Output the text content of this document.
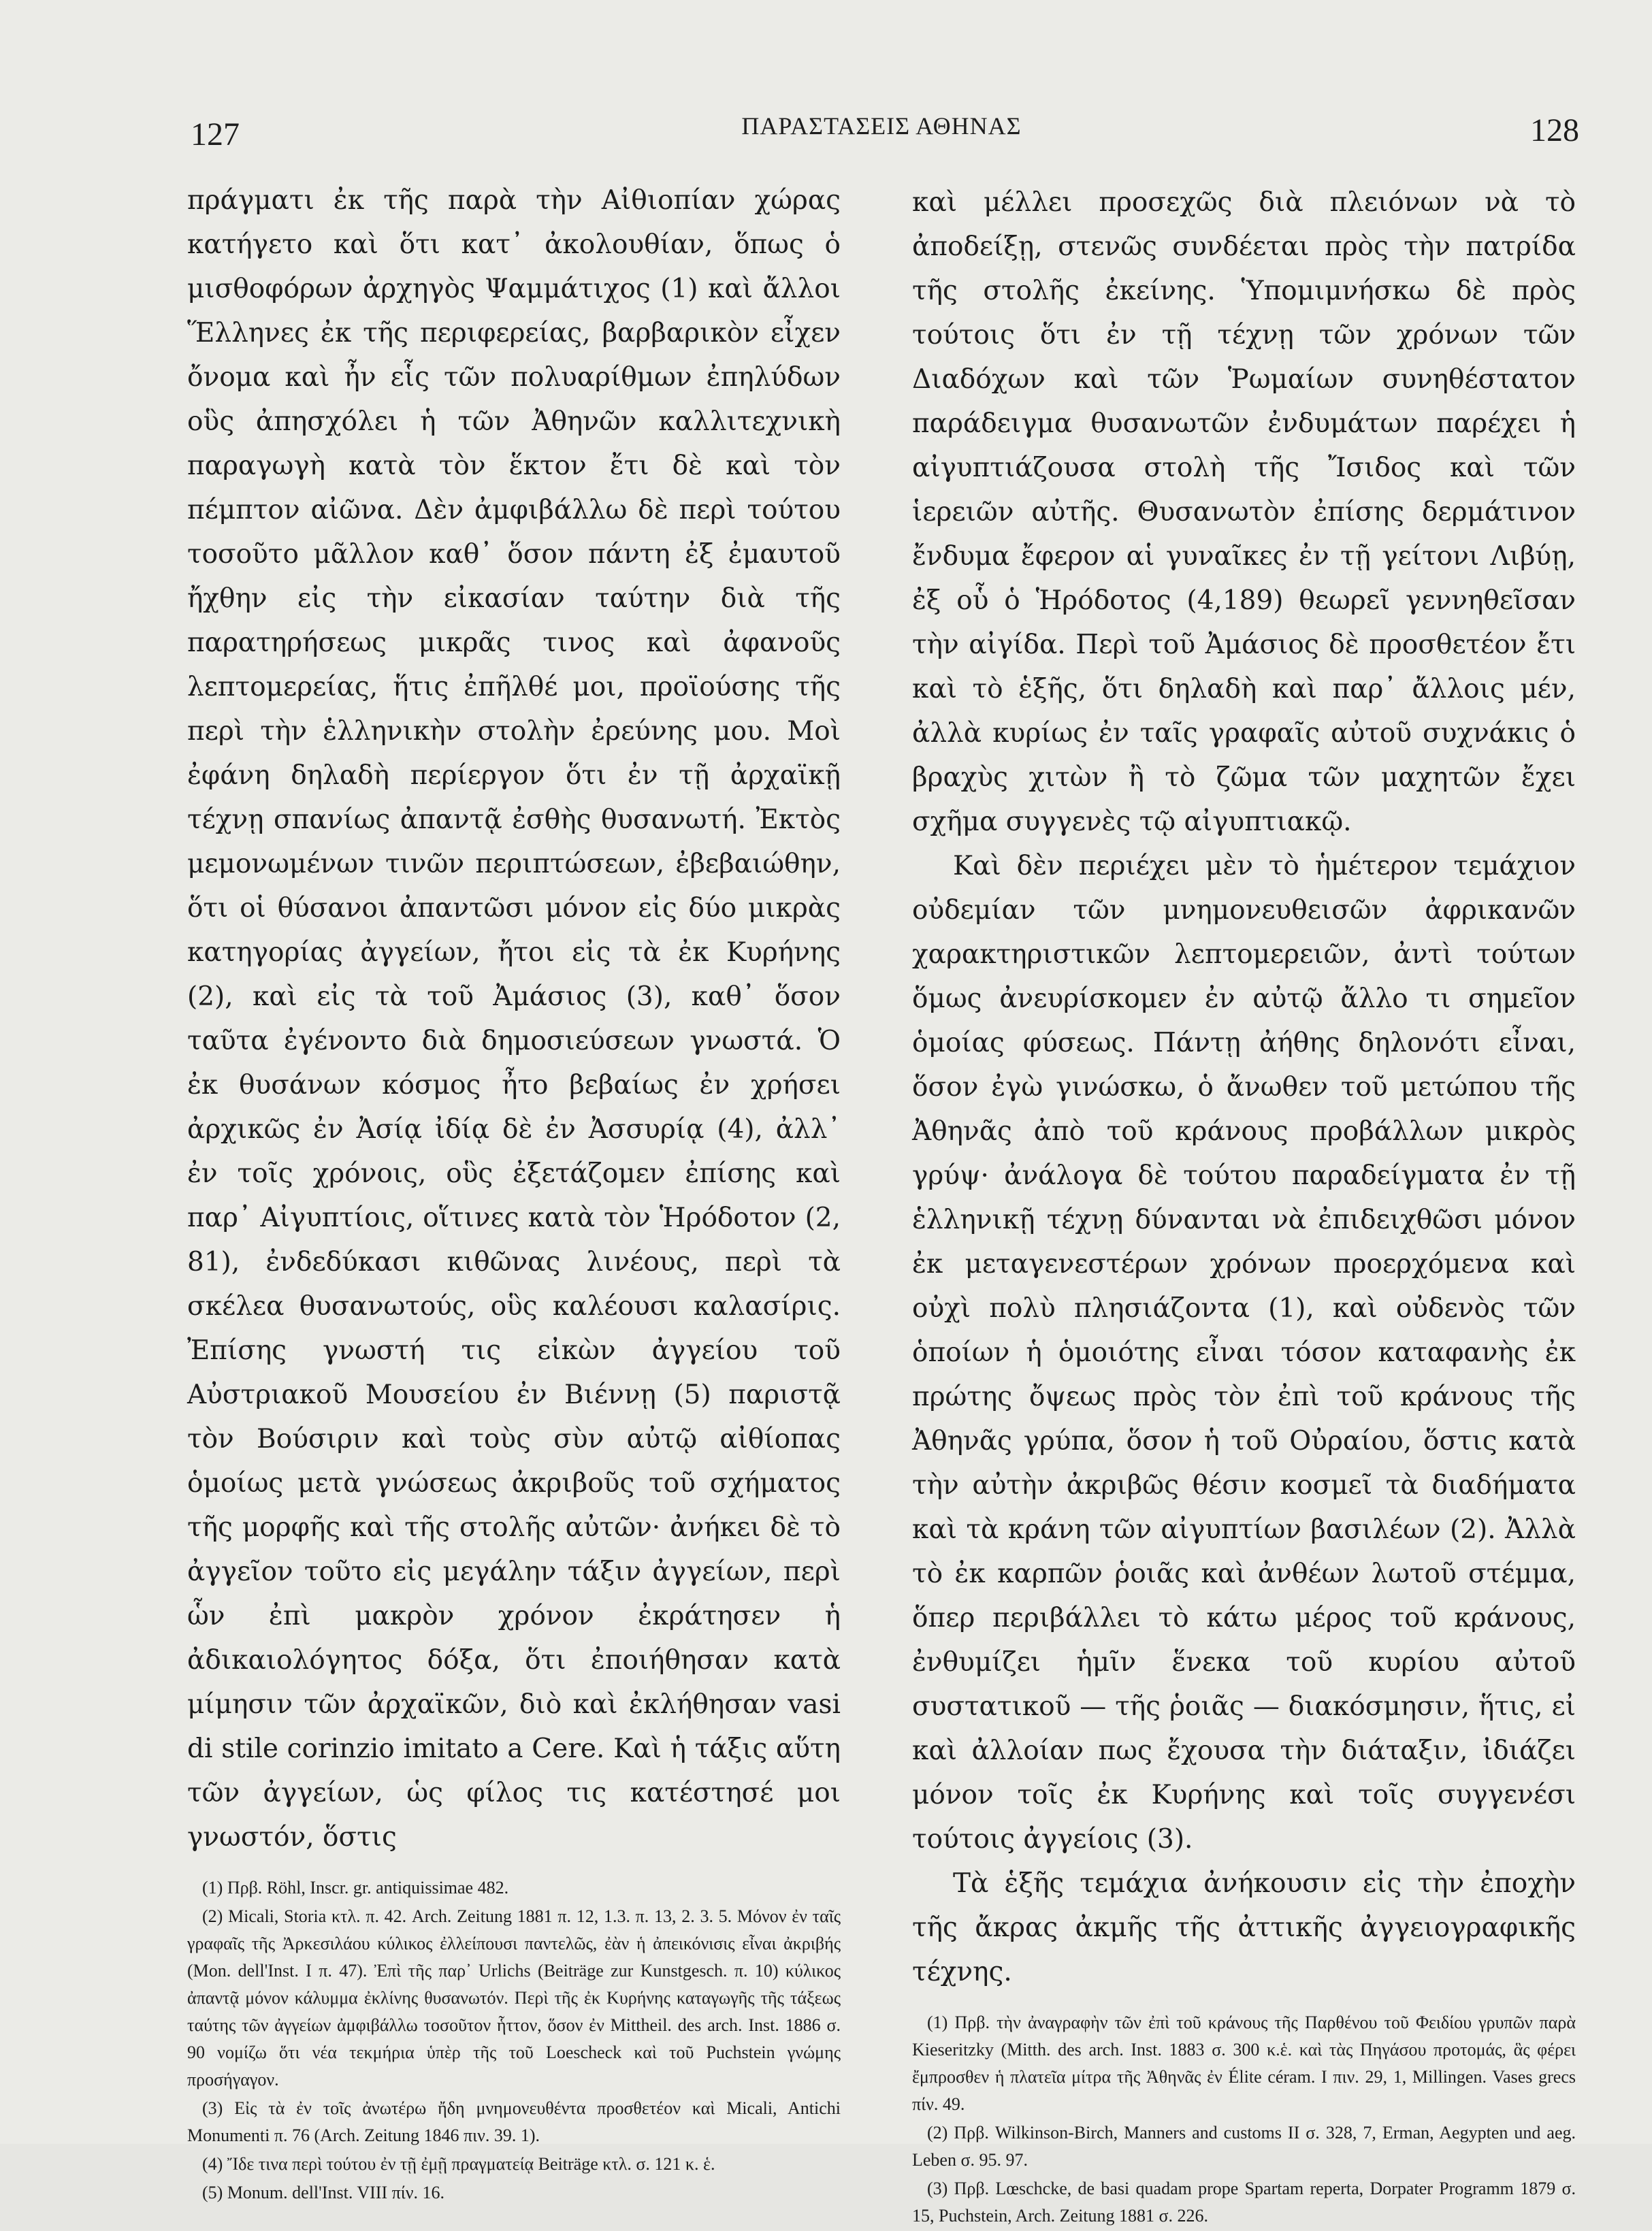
127	ΠΑΡΑΣΤΑΣΕΙΣ ΑΘΗΝΑΣ	128

πράγματι ἐκ τῆς παρὰ τὴν Αἰθιοπίαν χώρας κατήγετο καὶ ὅτι κατ᾽ ἀκολουθίαν, ὅπως ὁ μισθοφόρων ἀρχηγὸς Ψαμμάτιχος (1) καὶ ἄλλοι Ἕλληνες ἐκ τῆς περιφερείας, βαρβαρικὸν εἶχεν ὄνομα καὶ ἦν εἷς τῶν πολυαρίθμων ἐπηλύδων οὓς ἀπησχόλει ἡ τῶν Ἀθηνῶν καλλιτεχνικὴ παραγωγὴ κατὰ τὸν ἕκτον ἔτι δὲ καὶ τὸν πέμπτον αἰῶνα. Δὲν ἀμφιβάλλω δὲ περὶ τούτου τοσοῦτο μᾶλλον καθ᾽ ὅσον πάντη ἐξ ἐμαυτοῦ ἤχθην εἰς τὴν εἰκασίαν ταύτην διὰ τῆς παρατηρήσεως μικρᾶς τινος καὶ ἀφανοῦς λεπτομερείας, ἥτις ἐπῆλθέ μοι, προϊούσης τῆς περὶ τὴν ἑλληνικὴν στολὴν ἐρεύνης μου. Μοὶ ἐφάνη δηλαδὴ περίεργον ὅτι ἐν τῇ ἀρχαϊκῇ τέχνῃ σπανίως ἀπαντᾷ ἐσθὴς θυσανωτή. Ἐκτὸς μεμονωμένων τινῶν περιπτώσεων, ἐβεβαιώθην, ὅτι οἱ θύσανοι ἀπαντῶσι μόνον εἰς δύο μικρὰς κατηγορίας ἀγγείων, ἤτοι εἰς τὰ ἐκ Κυρήνης (2), καὶ εἰς τὰ τοῦ Ἀμάσιος (3), καθ᾽ ὅσον ταῦτα ἐγένοντο διὰ δημοσιεύσεων γνωστά. Ὁ ἐκ θυσάνων κόσμος ἦτο βεβαίως ἐν χρήσει ἀρχικῶς ἐν Ἀσίᾳ ἰδίᾳ δὲ ἐν Ἀσσυρίᾳ (4), ἀλλ᾽ ἐν τοῖς χρόνοις, οὓς ἐξετάζομεν ἐπίσης καὶ παρ᾽ Αἰγυπτίοις, οἵτινες κατὰ τὸν Ἡρόδοτον (2, 81), ἐνδεδύκασι κιθῶνας λινέους, περὶ τὰ σκέλεα θυσανωτούς, οὓς καλέουσι καλασίρις. Ἐπίσης γνωστή τις εἰκὼν ἀγγείου τοῦ Αὐστριακοῦ Μουσείου ἐν Βιέννῃ (5) παριστᾷ τὸν Βούσιριν καὶ τοὺς σὺν αὐτῷ αἰθίοπας ὁμοίως μετὰ γνώσεως ἀκριβοῦς τοῦ σχήματος τῆς μορφῆς καὶ τῆς στολῆς αὐτῶν· ἀνήκει δὲ τὸ ἀγγεῖον τοῦτο εἰς μεγάλην τάξιν ἀγγείων, περὶ ὧν ἐπὶ μακρὸν χρόνον ἐκράτησεν ἡ ἀδικαιολόγητος δόξα, ὅτι ἐποιήθησαν κατὰ μίμησιν τῶν ἀρχαϊκῶν, διὸ καὶ ἐκλήθησαν vasi di stile corinzio imitato a Cere. Καὶ ἡ τάξις αὕτη τῶν ἀγγείων, ὡς φίλος τις κατέστησέ μοι γνωστόν, ὅστις

(1) Πρβ. Röhl, Inscr. gr. antiquissimae 482.

(2) Micali, Storia κτλ. π. 42. Arch. Zeitung 1881 π. 12, 1.3. π. 13, 2. 3. 5. Μόνον ἐν ταῖς γραφαῖς τῆς Ἀρκεσιλάου κύλικος ἐλλείπουσι παντελῶς, ἐὰν ἡ ἀπεικόνισις εἶναι ἀκριβής (Mon. dell'Inst. I π. 47). Ἐπὶ τῆς παρ᾽ Urlichs (Beiträge zur Kunstgesch. π. 10) κύλικος ἀπαντᾷ μόνον κάλυμμα ἐκλίνης θυσανωτόν. Περὶ τῆς ἐκ Κυρήνης καταγωγῆς τῆς τάξεως ταύτης τῶν ἀγγείων ἀμφιβάλλω τοσοῦτον ἧττον, ὅσον ἐν Mittheil. des arch. Inst. 1886 σ. 90 νομίζω ὅτι νέα τεκμήρια ὑπὲρ τῆς τοῦ Loescheck καὶ τοῦ Puchstein γνώμης προσήγαγον.

(3) Εἰς τὰ ἐν τοῖς ἀνωτέρω ἤδη μνημονευθέντα προσθετέον καὶ Micali, Antichi Monumenti π. 76 (Arch. Zeitung 1846 πιν. 39. 1).

(4) Ἴδε τινα περὶ τούτου ἐν τῇ ἐμῇ πραγματείᾳ Beiträge κτλ. σ. 121 κ. ἑ.

(5) Monum. dell'Inst. VIII πίν. 16.

καὶ μέλλει προσεχῶς διὰ πλειόνων νὰ τὸ ἀποδείξῃ, στενῶς συνδέεται πρὸς τὴν πατρίδα τῆς στολῆς ἐκείνης. Ὑπομιμνήσκω δὲ πρὸς τούτοις ὅτι ἐν τῇ τέχνῃ τῶν χρόνων τῶν Διαδόχων καὶ τῶν Ῥωμαίων συνηθέστατον παράδειγμα θυσανωτῶν ἐνδυμάτων παρέχει ἡ αἰγυπτιάζουσα στολὴ τῆς Ἴσιδος καὶ τῶν ἱερειῶν αὐτῆς. Θυσανωτὸν ἐπίσης δερμάτινον ἔνδυμα ἔφερον αἱ γυναῖκες ἐν τῇ γείτονι Λιβύῃ, ἐξ οὗ ὁ Ἡρόδοτος (4,189) θεωρεῖ γεννηθεῖσαν τὴν αἰγίδα. Περὶ τοῦ Ἀμάσιος δὲ προσθετέον ἔτι καὶ τὸ ἑξῆς, ὅτι δηλαδὴ καὶ παρ᾽ ἄλλοις μέν, ἀλλὰ κυρίως ἐν ταῖς γραφαῖς αὐτοῦ συχνάκις ὁ βραχὺς χιτὼν ἢ τὸ ζῶμα τῶν μαχητῶν ἔχει σχῆμα συγγενὲς τῷ αἰγυπτιακῷ.

Καὶ δὲν περιέχει μὲν τὸ ἡμέτερον τεμάχιον οὐδεμίαν τῶν μνημονευθεισῶν ἀφρικανῶν χαρακτηριστικῶν λεπτομερειῶν, ἀντὶ τούτων ὅμως ἀνευρίσκομεν ἐν αὐτῷ ἄλλο τι σημεῖον ὁμοίας φύσεως. Πάντῃ ἀήθης δηλονότι εἶναι, ὅσον ἐγὼ γινώσκω, ὁ ἄνωθεν τοῦ μετώπου τῆς Ἀθηνᾶς ἀπὸ τοῦ κράνους προβάλλων μικρὸς γρύψ· ἀνάλογα δὲ τούτου παραδείγματα ἐν τῇ ἑλληνικῇ τέχνῃ δύνανται νὰ ἐπιδειχθῶσι μόνον ἐκ μεταγενεστέρων χρόνων προερχόμενα καὶ οὐχὶ πολὺ πλησιάζοντα (1), καὶ οὐδενὸς τῶν ὁποίων ἡ ὁμοιότης εἶναι τόσον καταφανὴς ἐκ πρώτης ὄψεως πρὸς τὸν ἐπὶ τοῦ κράνους τῆς Ἀθηνᾶς γρύπα, ὅσον ἡ τοῦ Οὐραίου, ὅστις κατὰ τὴν αὐτὴν ἀκριβῶς θέσιν κοσμεῖ τὰ διαδήματα καὶ τὰ κράνη τῶν αἰγυπτίων βασιλέων (2). Ἀλλὰ τὸ ἐκ καρπῶν ῥοιᾶς καὶ ἀνθέων λωτοῦ στέμμα, ὅπερ περιβάλλει τὸ κάτω μέρος τοῦ κράνους, ἐνθυμίζει ἡμῖν ἕνεκα τοῦ κυρίου αὐτοῦ συστατικοῦ — τῆς ῥοιᾶς — διακόσμησιν, ἥτις, εἰ καὶ ἀλλοίαν πως ἔχουσα τὴν διάταξιν, ἰδιάζει μόνον τοῖς ἐκ Κυρήνης καὶ τοῖς συγγενέσι τούτοις ἀγγείοις (3).

Τὰ ἑξῆς τεμάχια ἀνήκουσιν εἰς τὴν ἐποχὴν τῆς ἄκρας ἀκμῆς τῆς ἀττικῆς ἀγγειογραφικῆς τέχνης.

(1) Πρβ. τὴν ἀναγραφὴν τῶν ἐπὶ τοῦ κράνους τῆς Παρθένου τοῦ Φειδίου γρυπῶν παρὰ Kieseritzky (Mitth. des arch. Inst. 1883 σ. 300 κ.ἑ. καὶ τὰς Πηγάσου προτομάς, ἃς φέρει ἔμπροσθεν ἡ πλατεῖα μίτρα τῆς Ἀθηνᾶς ἐν Élite céram. I πιν. 29, 1, Millingen. Vases grecs πίν. 49.

(2) Πρβ. Wilkinson-Birch, Manners and customs II σ. 328, 7, Erman, Aegypten und aeg. Leben σ. 95. 97.

(3) Πρβ. Lœschcke, de basi quadam prope Spartam reperta, Dorpater Programm 1879 σ. 15, Puchstein, Arch. Zeitung 1881 σ. 226.
